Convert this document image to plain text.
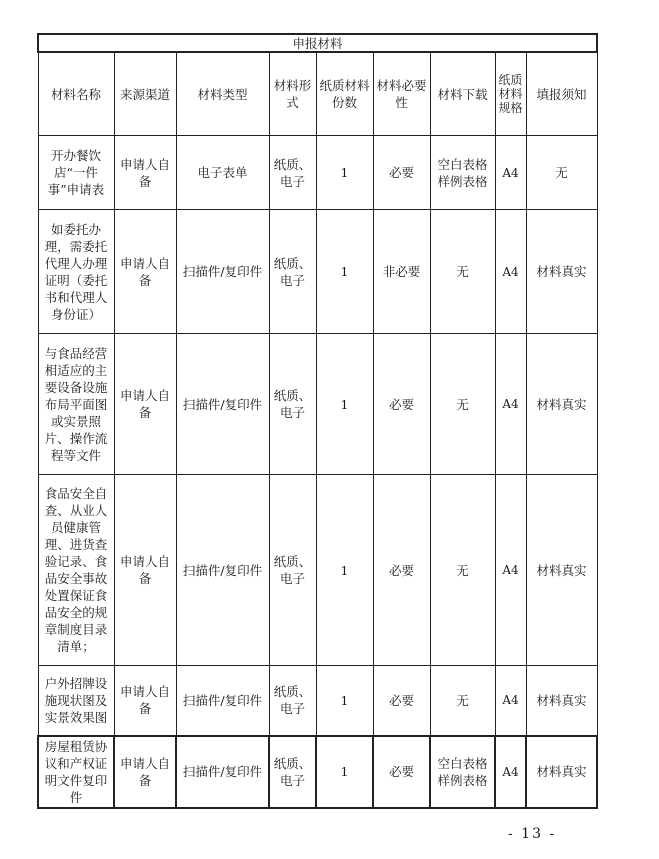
申报材料								
材料名称	来源渠道	材料类型	材料形式	纸质材料份数	材料必要性	材料下载	纸质材料规格	填报须知
开办餐饮店“一件事”申请表	申请人自备	电子表单	纸质、电子	1	必要	空白表格样例表格	A4	无
如委托办理，需委托代理人办理证明（委托书和代理人身份证）	申请人自备	扫描件/复印件	纸质、电子	1	非必要	无	A4	材料真实
与食品经营相适应的主要设备设施布局平面图或实景照片、操作流程等文件	申请人自备	扫描件/复印件	纸质、电子	1	必要	无	A4	材料真实
食品安全自查、从业人员健康管理、进货查验记录、食品安全事故处置保证食品安全的规章制度目录清单；	申请人自备	扫描件/复印件	纸质、电子	1	必要	无	A4	材料真实
户外招牌设施现状图及实景效果图	申请人自备	扫描件/复印件	纸质、电子	1	必要	无	A4	材料真实
房屋租赁协议和产权证明文件复印件	申请人自备	扫描件/复印件	纸质、电子	1	必要	空白表格样例表格	A4	材料真实
- 13 -
